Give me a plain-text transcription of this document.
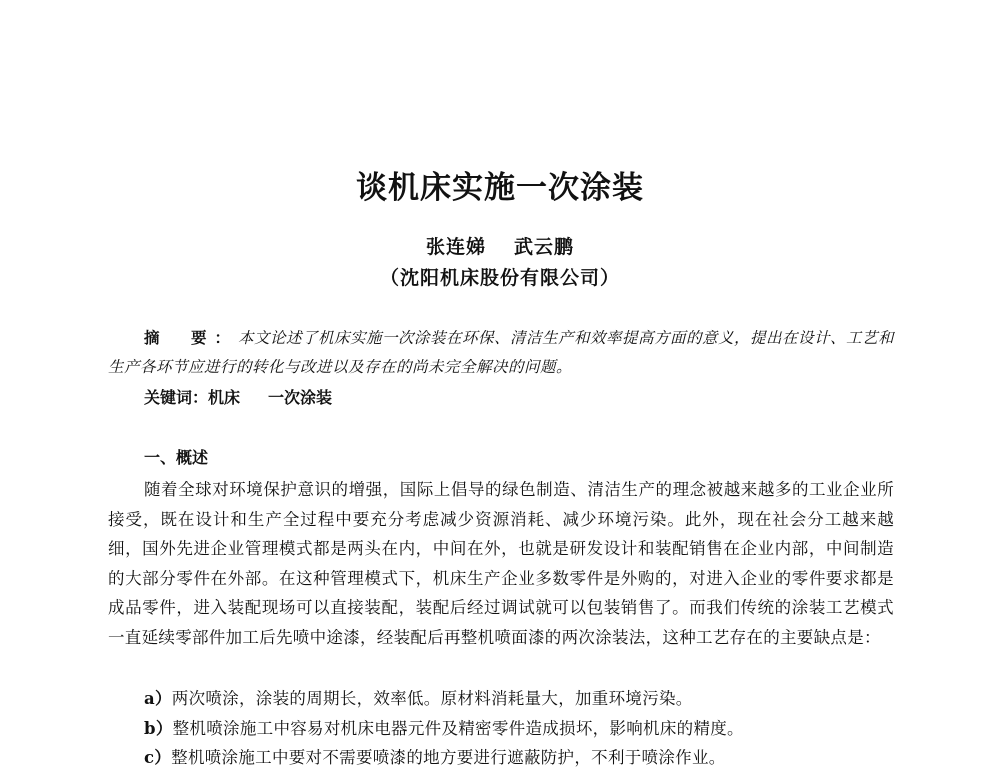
谈机床实施一次涂装
张连娣 武云鹏
（沈阳机床股份有限公司）
摘　要：本文论述了机床实施一次涂装在环保、清洁生产和效率提高方面的意义，提出在设计、工艺和生产各环节应进行的转化与改进以及存在的尚未完全解决的问题。
关键词：机床 一次涂装
一、概述

随着全球对环境保护意识的增强，国际上倡导的绿色制造、清洁生产的理念被越来越多的工业企业所接受，既在设计和生产全过程中要充分考虑减少资源消耗、减少环境污染。此外，现在社会分工越来越细，国外先进企业管理模式都是两头在内，中间在外，也就是研发设计和装配销售在企业内部，中间制造的大部分零件在外部。在这种管理模式下，机床生产企业多数零件是外购的，对进入企业的零件要求都是成品零件，进入装配现场可以直接装配，装配后经过调试就可以包装销售了。而我们传统的涂装工艺模式一直延续零部件加工后先喷中途漆，经装配后再整机喷面漆的两次涂装法，这种工艺存在的主要缺点是：

a）两次喷涂，涂装的周期长，效率低。原材料消耗量大，加重环境污染。
b）整机喷涂施工中容易对机床电器元件及精密零件造成损坏，影响机床的精度。
c）整机喷涂施工中要对不需要喷漆的地方要进行遮蔽防护，不利于喷涂作业。
